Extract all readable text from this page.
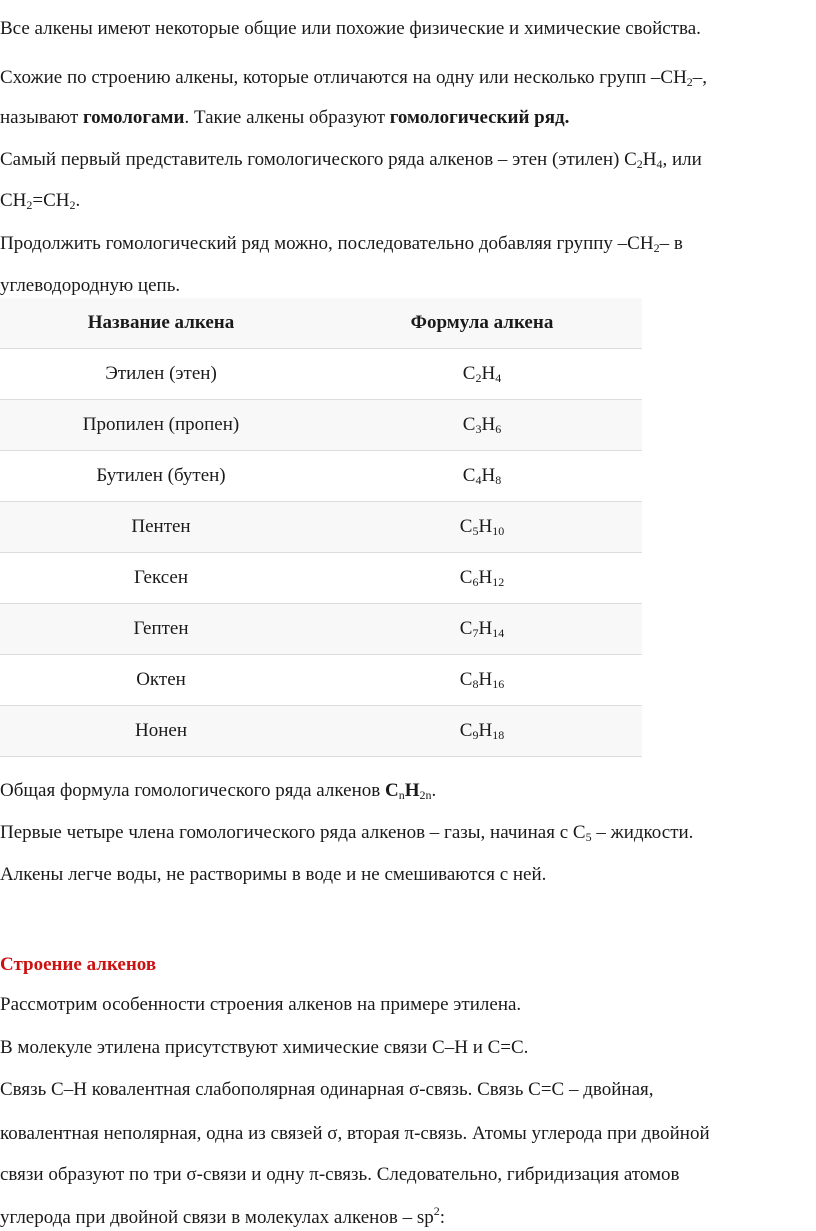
Все алкены имеют некоторые общие или похожие физические и химические свойства.
Схожие по строению алкены, которые отличаются на одну или несколько групп $-CH_2-$,
называют гомологами. Такие алкены образуют гомологический ряд.
Самый первый представитель гомологического ряда алкенов – этен (этилен) $C_2H_4$, или
$CH_2=CH_2$.
Продолжить гомологический ряд можно, последовательно добавляя группу $-CH_2-$ в
углеводородную цепь.
Название алкена	Формула алкена
Этилен (этен)	$C_2H_4$
Пропилен (пропен)	$C_3H_6$
Бутилен (бутен)	$C_4H_8$
Пентен	$C_5H_{10}$
Гексен	$C_6H_{12}$
Гептен	$C_7H_{14}$
Октен	$C_8H_{16}$
Нонен	$C_9H_{18}$
Общая формула гомологического ряда алкенов $C_nH_{2n}$.
Первые четыре члена гомологического ряда алкенов – газы, начиная с $C_5$ – жидкости.
Алкены легче воды, не растворимы в воде и не смешиваются с ней.
Строение алкенов
Рассмотрим особенности строения алкенов на примере этилена.
В молекуле этилена присутствуют химические связи C–H и C=C.
Связь C–H ковалентная слабополярная одинарная σ-связь. Связь C=C – двойная,
ковалентная неполярная, одна из связей σ, вторая π-связь. Атомы углерода при двойной
связи образуют по три σ-связи и одну π-связь. Следовательно, гибридизация атомов
углерода при двойной связи в молекулах алкенов – $sp^2$:
